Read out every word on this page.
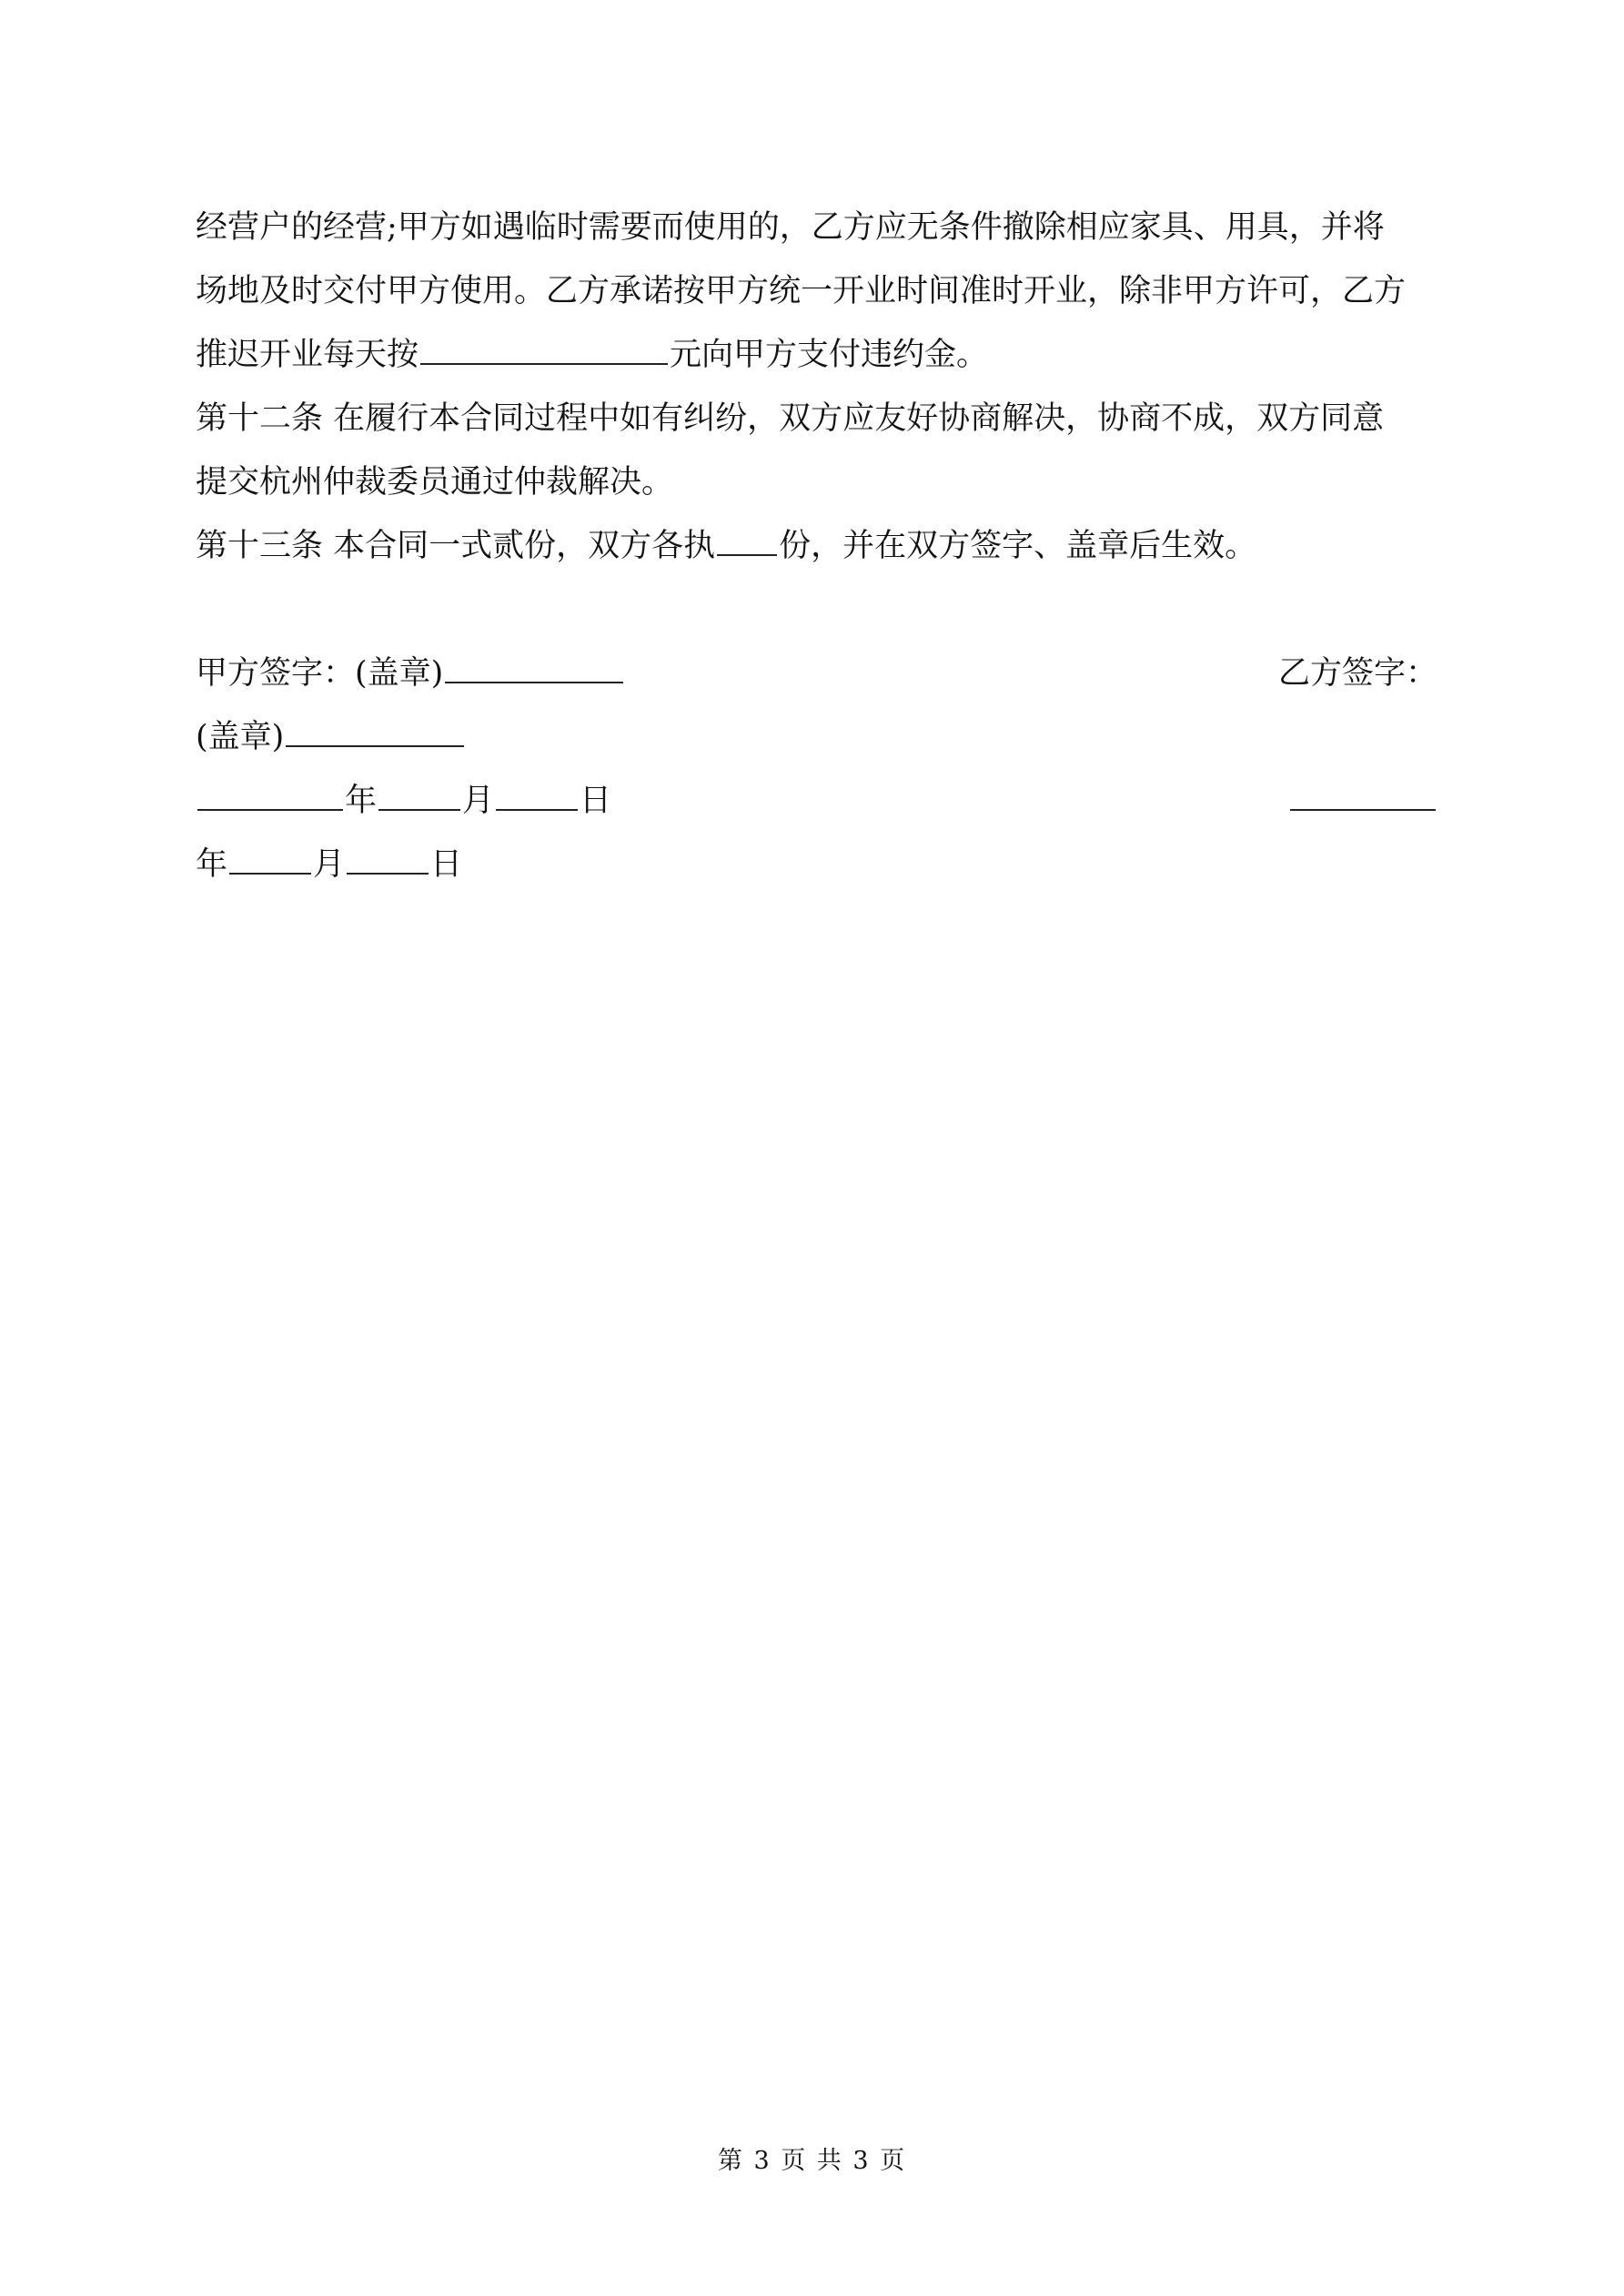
经营户的经营;甲方如遇临时需要而使用的，乙方应无条件撤除相应家具、用具，并将
场地及时交付甲方使用。乙方承诺按甲方统一开业时间准时开业，除非甲方许可，乙方
推迟开业每天按	元向甲方支付违约金。
第十二条 在履行本合同过程中如有纠纷，双方应友好协商解决，协商不成，双方同意
提交杭州仲裁委员通过仲裁解决。
第十三条 本合同一式贰份，双方各执 份，并在双方签字、盖章后生效。
甲方签字：(盖章)	乙方签字：
(盖章)
年	月	日
年	月	日
第 3 页 共 3 页
